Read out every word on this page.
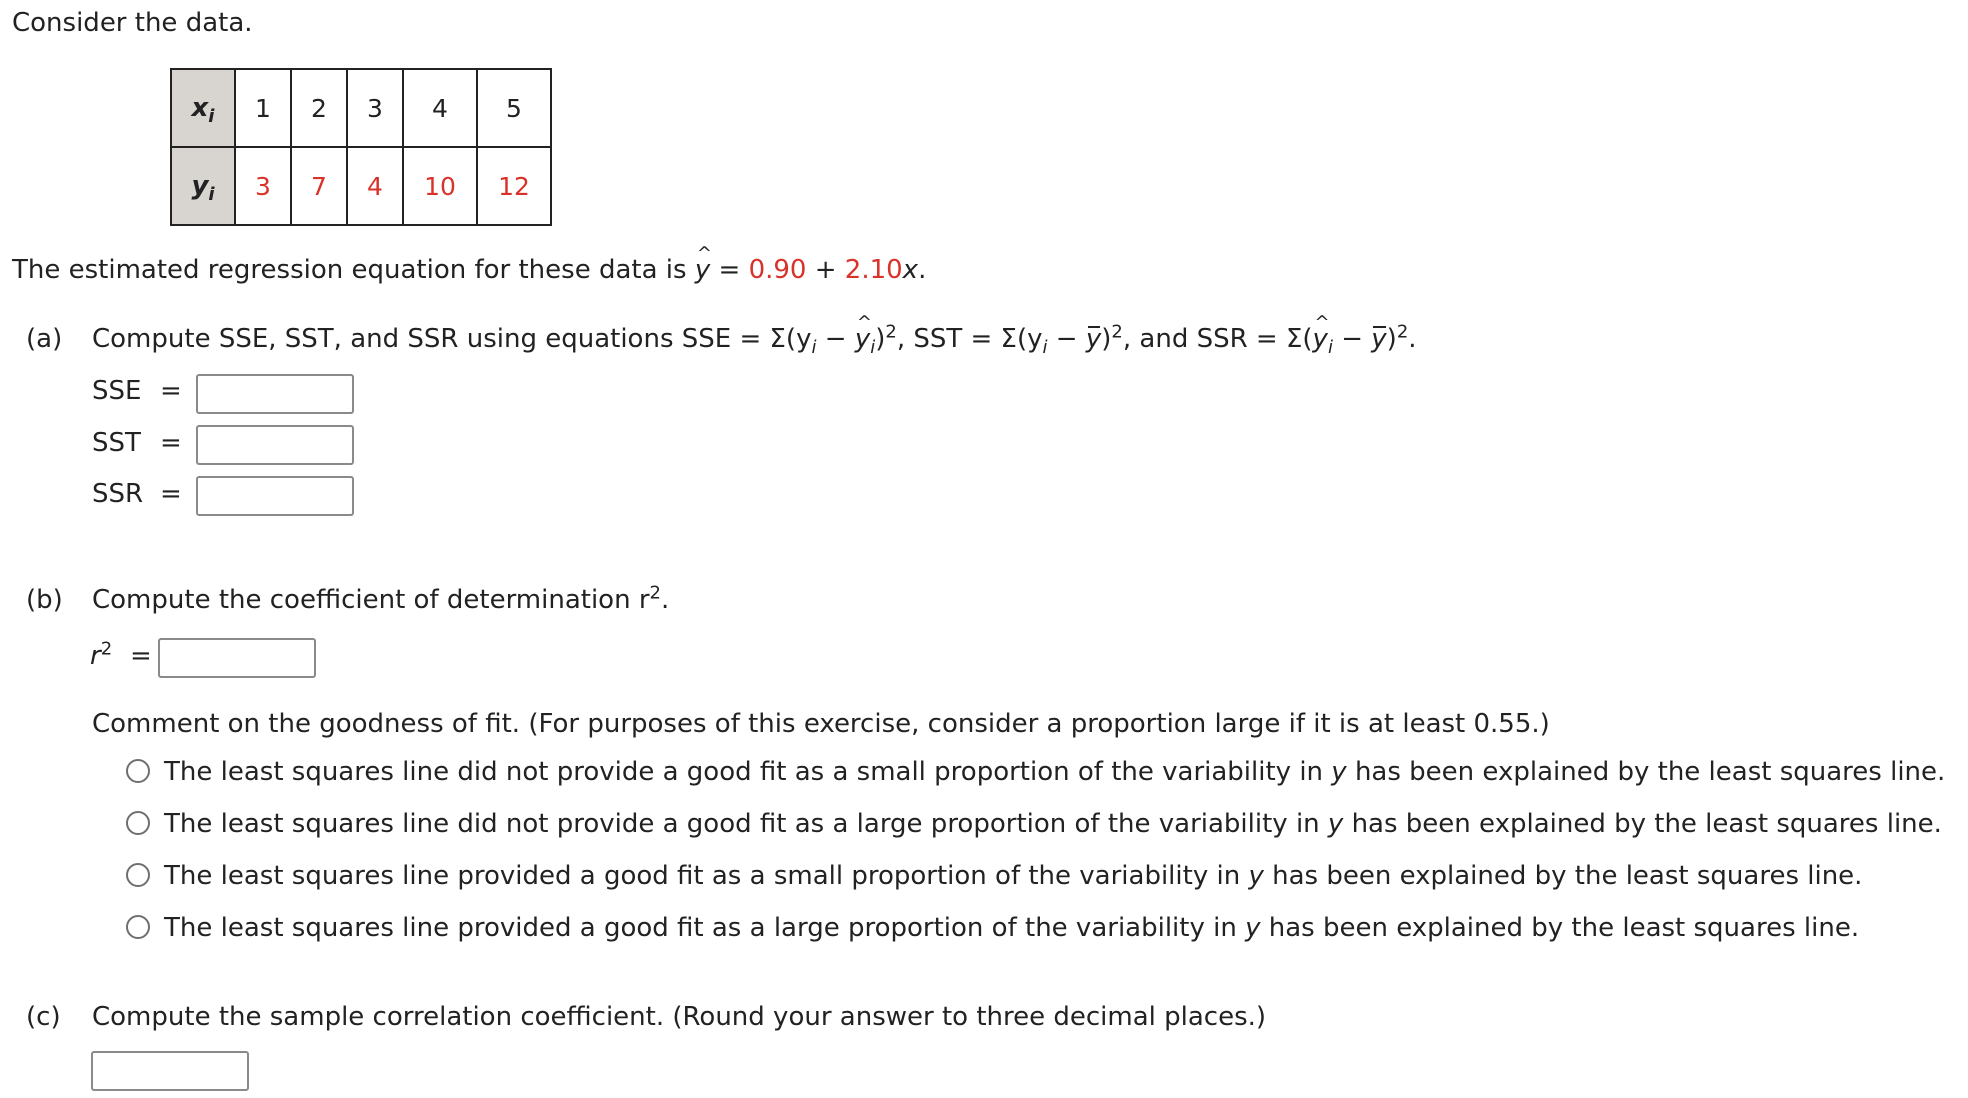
Consider the data.
$x_i$	1	2	3	4	5
$y_i$	3	7	4	10	12
The estimated regression equation for these data is ^ y = 0.90 + 2.10x.
(a) Compute SSE, SST, and SSR using equations SSE = $\Sigma(y_i$ − ^ $y_i)^2$, SST = $\Sigma(y_i - y)^2$, and SSR = Σ(^ $y_i - y)^2$.
SSE =
SST =
SSR =
(b) Compute the coefficient of determination $r^2$.
$r^2$ =
Comment on the goodness of fit. (For purposes of this exercise, consider a proportion large if it is at least 0.55.)
The least squares line did not provide a good fit as a small proportion of the variability in y has been explained by the least squares line.
The least squares line did not provide a good fit as a large proportion of the variability in y has been explained by the least squares line.
The least squares line provided a good fit as a small proportion of the variability in y has been explained by the least squares line.
The least squares line provided a good fit as a large proportion of the variability in y has been explained by the least squares line.
(c) Compute the sample correlation coefficient. (Round your answer to three decimal places.)
